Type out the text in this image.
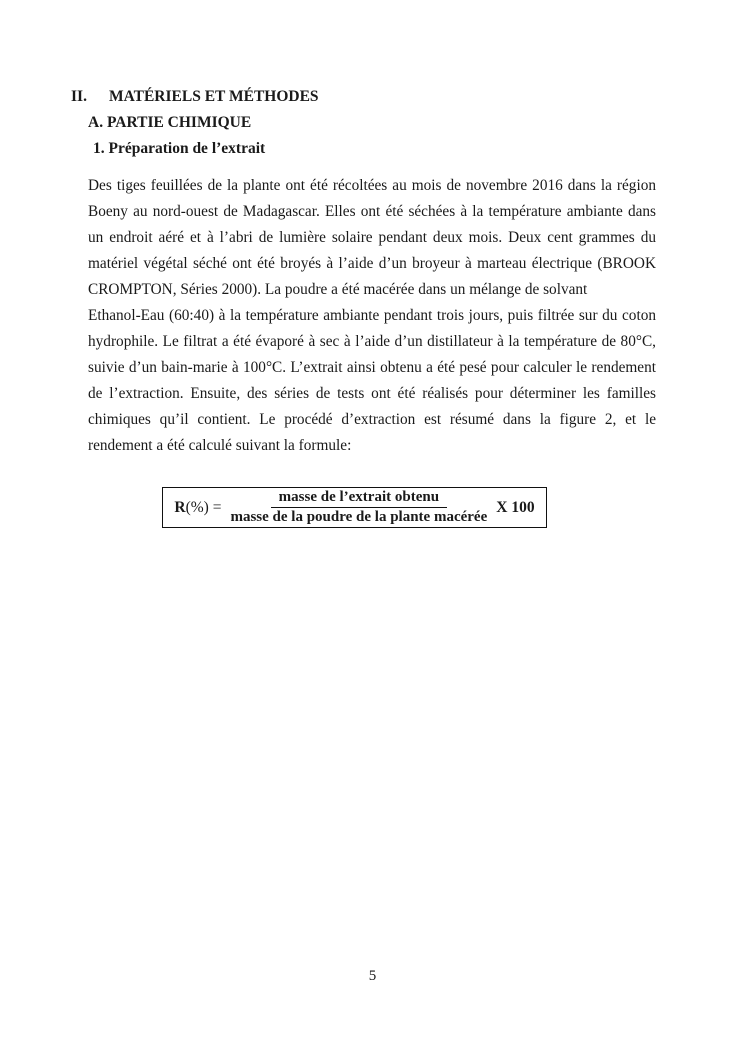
II. MATÉRIELS ET MÉTHODES
A. PARTIE CHIMIQUE
1. Préparation de l’extrait

Des tiges feuillées de la plante ont été récoltées au mois de novembre 2016 dans la région Boeny au nord-ouest de Madagascar. Elles ont été séchées à la température ambiante dans un endroit aéré et à l’abri de lumière solaire pendant deux mois. Deux cent grammes du matériel végétal séché ont été broyés à l’aide d’un broyeur à marteau électrique (BROOK CROMPTON, Séries 2000). La poudre a été macérée dans un mélange de solvant

Ethanol-Eau (60:40) à la température ambiante pendant trois jours, puis filtrée sur du coton hydrophile. Le filtrat a été évaporé à sec à l’aide d’un distillateur à la température de 80°C, suivie d’un bain-marie à 100°C. L’extrait ainsi obtenu a été pesé pour calculer le rendement de l’extraction. Ensuite, des séries de tests ont été réalisés pour déterminer les familles chimiques qu’il contient. Le procédé d’extraction est résumé dans la figure 2, et le rendement a été calculé suivant la formule:

$R(\%) = \frac{\text{masse de l’extrait obtenu}}{\text{masse de la poudre de la plante macérée}}$ X 100
5
